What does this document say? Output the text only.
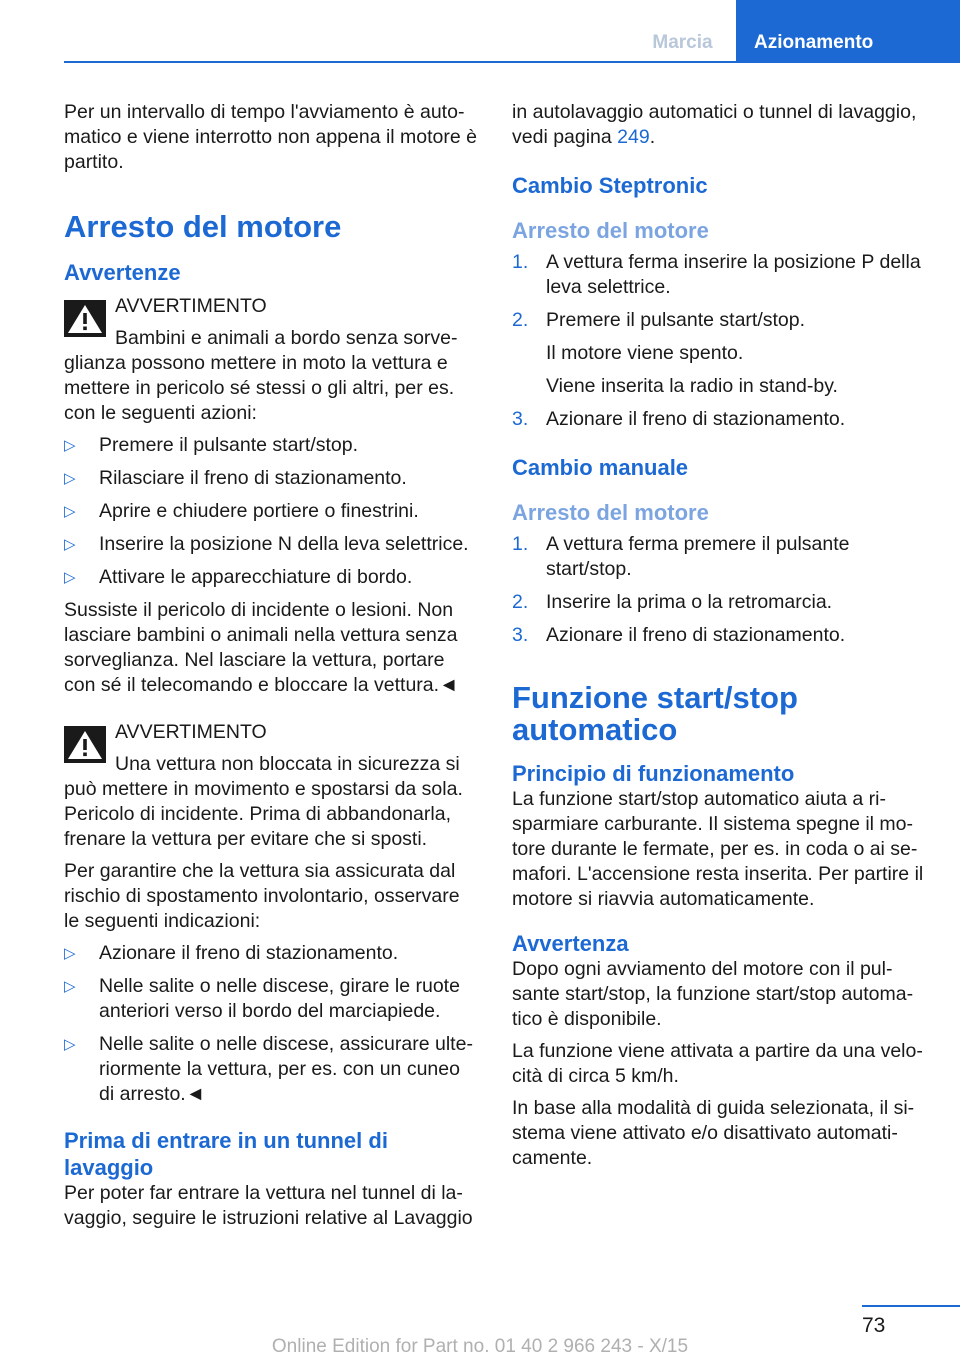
Marcia	Azionamento

Per un intervallo di tempo l'avviamento è automatico e viene interrotto non appena il motore è partito.

Arresto del motore
Avvertenze

AVVERTIMENTO

Bambini e animali a bordo senza sorveglianza possono mettere in moto la vettura e mettere in pericolo sé stessi o gli altri, per es. con le seguenti azioni:

▷ Premere il pulsante start/stop.
▷ Rilasciare il freno di stazionamento.
▷ Aprire e chiudere portiere o finestrini.
▷ Inserire la posizione N della leva selettrice.
▷ Attivare le apparecchiature di bordo.

Sussiste il pericolo di incidente o lesioni. Non lasciare bambini o animali nella vettura senza sorveglianza. Nel lasciare la vettura, portare con sé il telecomando e bloccare la vettura.◄

AVVERTIMENTO

Una vettura non bloccata in sicurezza si può mettere in movimento e spostarsi da sola. Pericolo di incidente. Prima di abbandonarla, frenare la vettura per evitare che si sposti.

Per garantire che la vettura sia assicurata dal rischio di spostamento involontario, osservare le seguenti indicazioni:

▷ Azionare il freno di stazionamento.
▷ Nelle salite o nelle discese, girare le ruote anteriori verso il bordo del marciapiede.
▷ Nelle salite o nelle discese, assicurare ulteriormente la vettura, per es. con un cuneo di arresto.◄
Prima di entrare in un tunnel di lavaggio

Per poter far entrare la vettura nel tunnel di lavaggio, seguire le istruzioni relative al Lavaggio

in autolavaggio automatici o tunnel di lavaggio, vedi pagina 249.

Cambio Steptronic
Arresto del motore
1. A vettura ferma inserire la posizione P della leva selettrice.
2. Premere il pulsante start/stop.

Il motore viene spento.

Viene inserita la radio in stand-by.

3. Azionare il freno di stazionamento.
Cambio manuale
Arresto del motore
1. A vettura ferma premere il pulsante start/stop.
2. Inserire la prima o la retromarcia.
3. Azionare il freno di stazionamento.
Funzione start/stop automatico
Principio di funzionamento

La funzione start/stop automatico aiuta a risparmiare carburante. Il sistema spegne il motore durante le fermate, per es. in coda o ai semafori. L'accensione resta inserita. Per partire il motore si riavvia automaticamente.

Avvertenza

Dopo ogni avviamento del motore con il pulsante start/stop, la funzione start/stop automatico è disponibile.

La funzione viene attivata a partire da una velocità di circa 5 km/h.

In base alla modalità di guida selezionata, il sistema viene attivato e/o disattivato automaticamente.

73
Online Edition for Part no. 01 40 2 966 243 - X/15
